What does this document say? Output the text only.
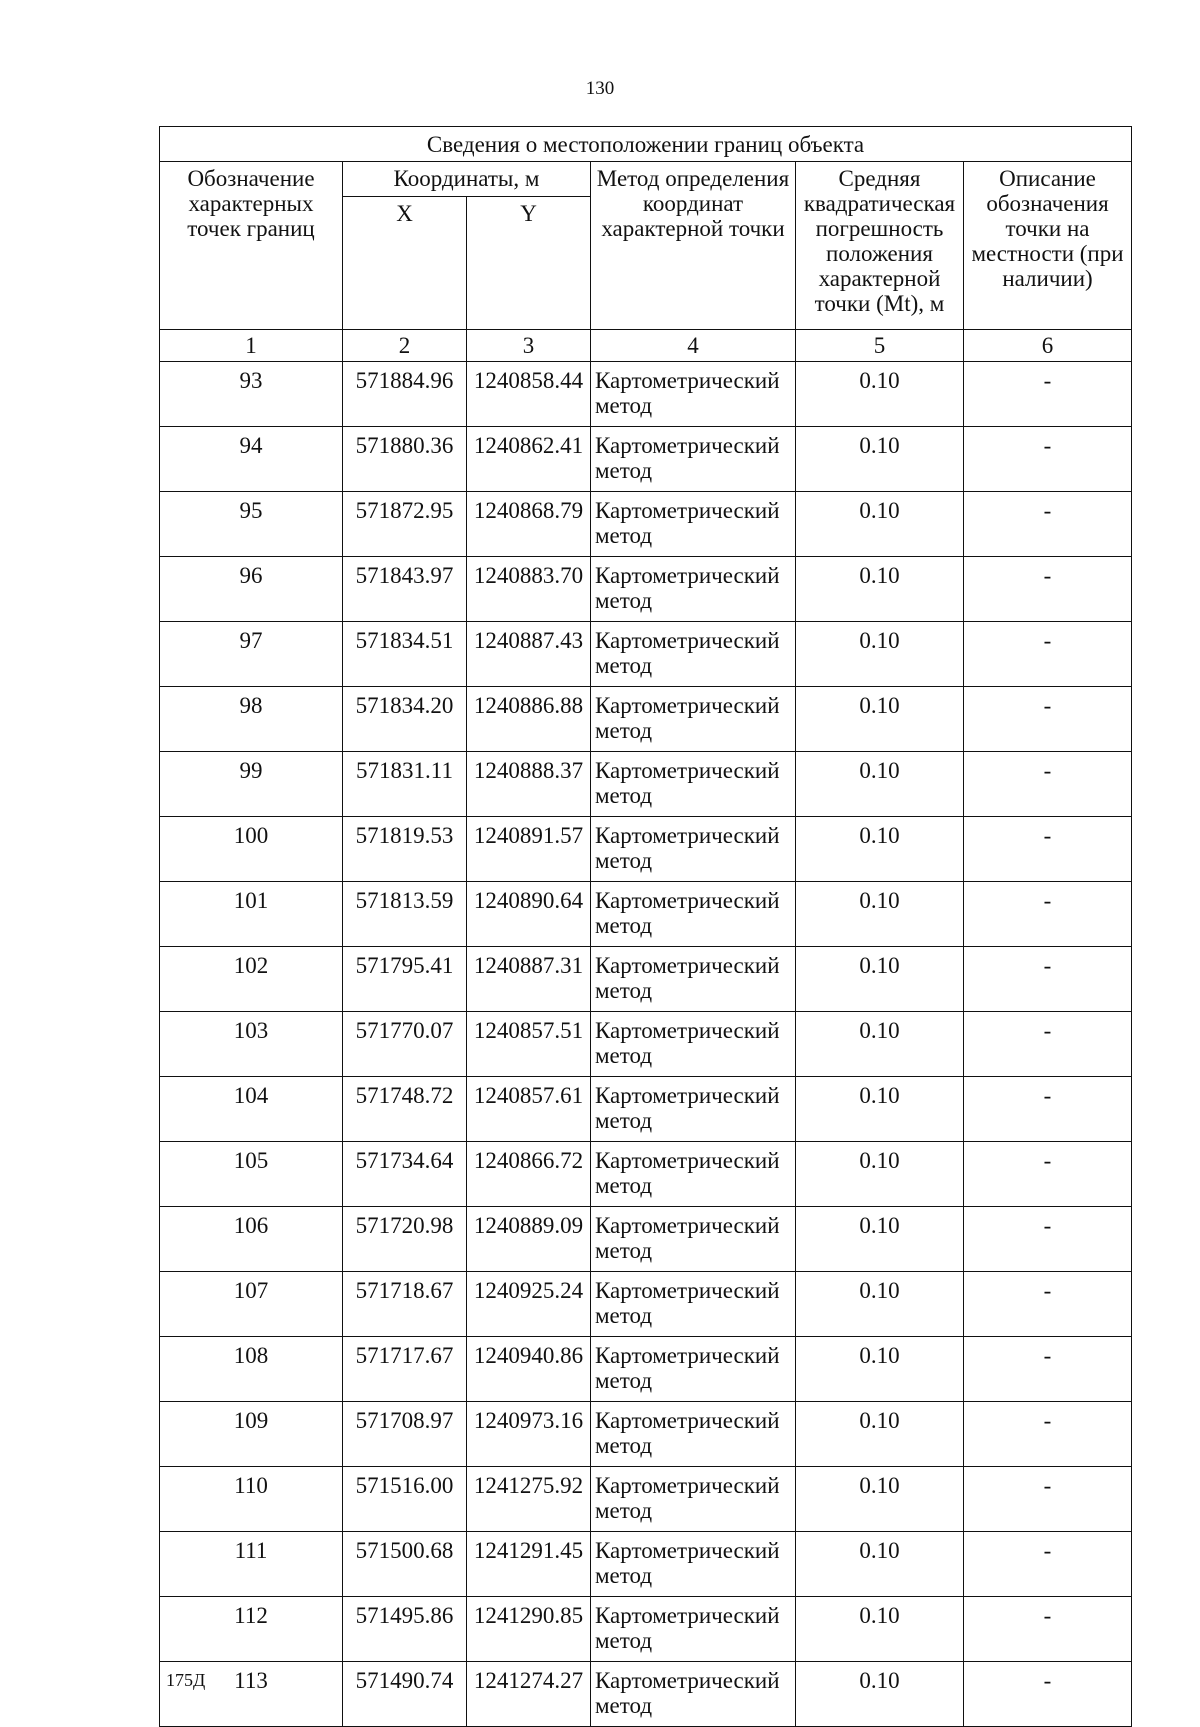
130
Сведения о местоположении границ объекта					
Обозначение характерных точек границ	Координаты, м		Метод определения координат характерной точки	Средняя квадратическая погрешность положения характерной точки (Mt), м	Описание обозначения точки на местности (при наличии)
	X	Y			
1	2	3	4	5	6
93	571884.96	1240858.44	Картометрический метод	0.10	-
94	571880.36	1240862.41	Картометрический метод	0.10	-
95	571872.95	1240868.79	Картометрический метод	0.10	-
96	571843.97	1240883.70	Картометрический метод	0.10	-
97	571834.51	1240887.43	Картометрический метод	0.10	-
98	571834.20	1240886.88	Картометрический метод	0.10	-
99	571831.11	1240888.37	Картометрический метод	0.10	-
100	571819.53	1240891.57	Картометрический метод	0.10	-
101	571813.59	1240890.64	Картометрический метод	0.10	-
102	571795.41	1240887.31	Картометрический метод	0.10	-
103	571770.07	1240857.51	Картометрический метод	0.10	-
104	571748.72	1240857.61	Картометрический метод	0.10	-
105	571734.64	1240866.72	Картометрический метод	0.10	-
106	571720.98	1240889.09	Картометрический метод	0.10	-
107	571718.67	1240925.24	Картометрический метод	0.10	-
108	571717.67	1240940.86	Картометрический метод	0.10	-
109	571708.97	1240973.16	Картометрический метод	0.10	-
110	571516.00	1241275.92	Картометрический метод	0.10	-
111	571500.68	1241291.45	Картометрический метод	0.10	-
112	571495.86	1241290.85	Картометрический метод	0.10	-
113	571490.74	1241274.27	Картометрический метод	0.10	-
175Д
